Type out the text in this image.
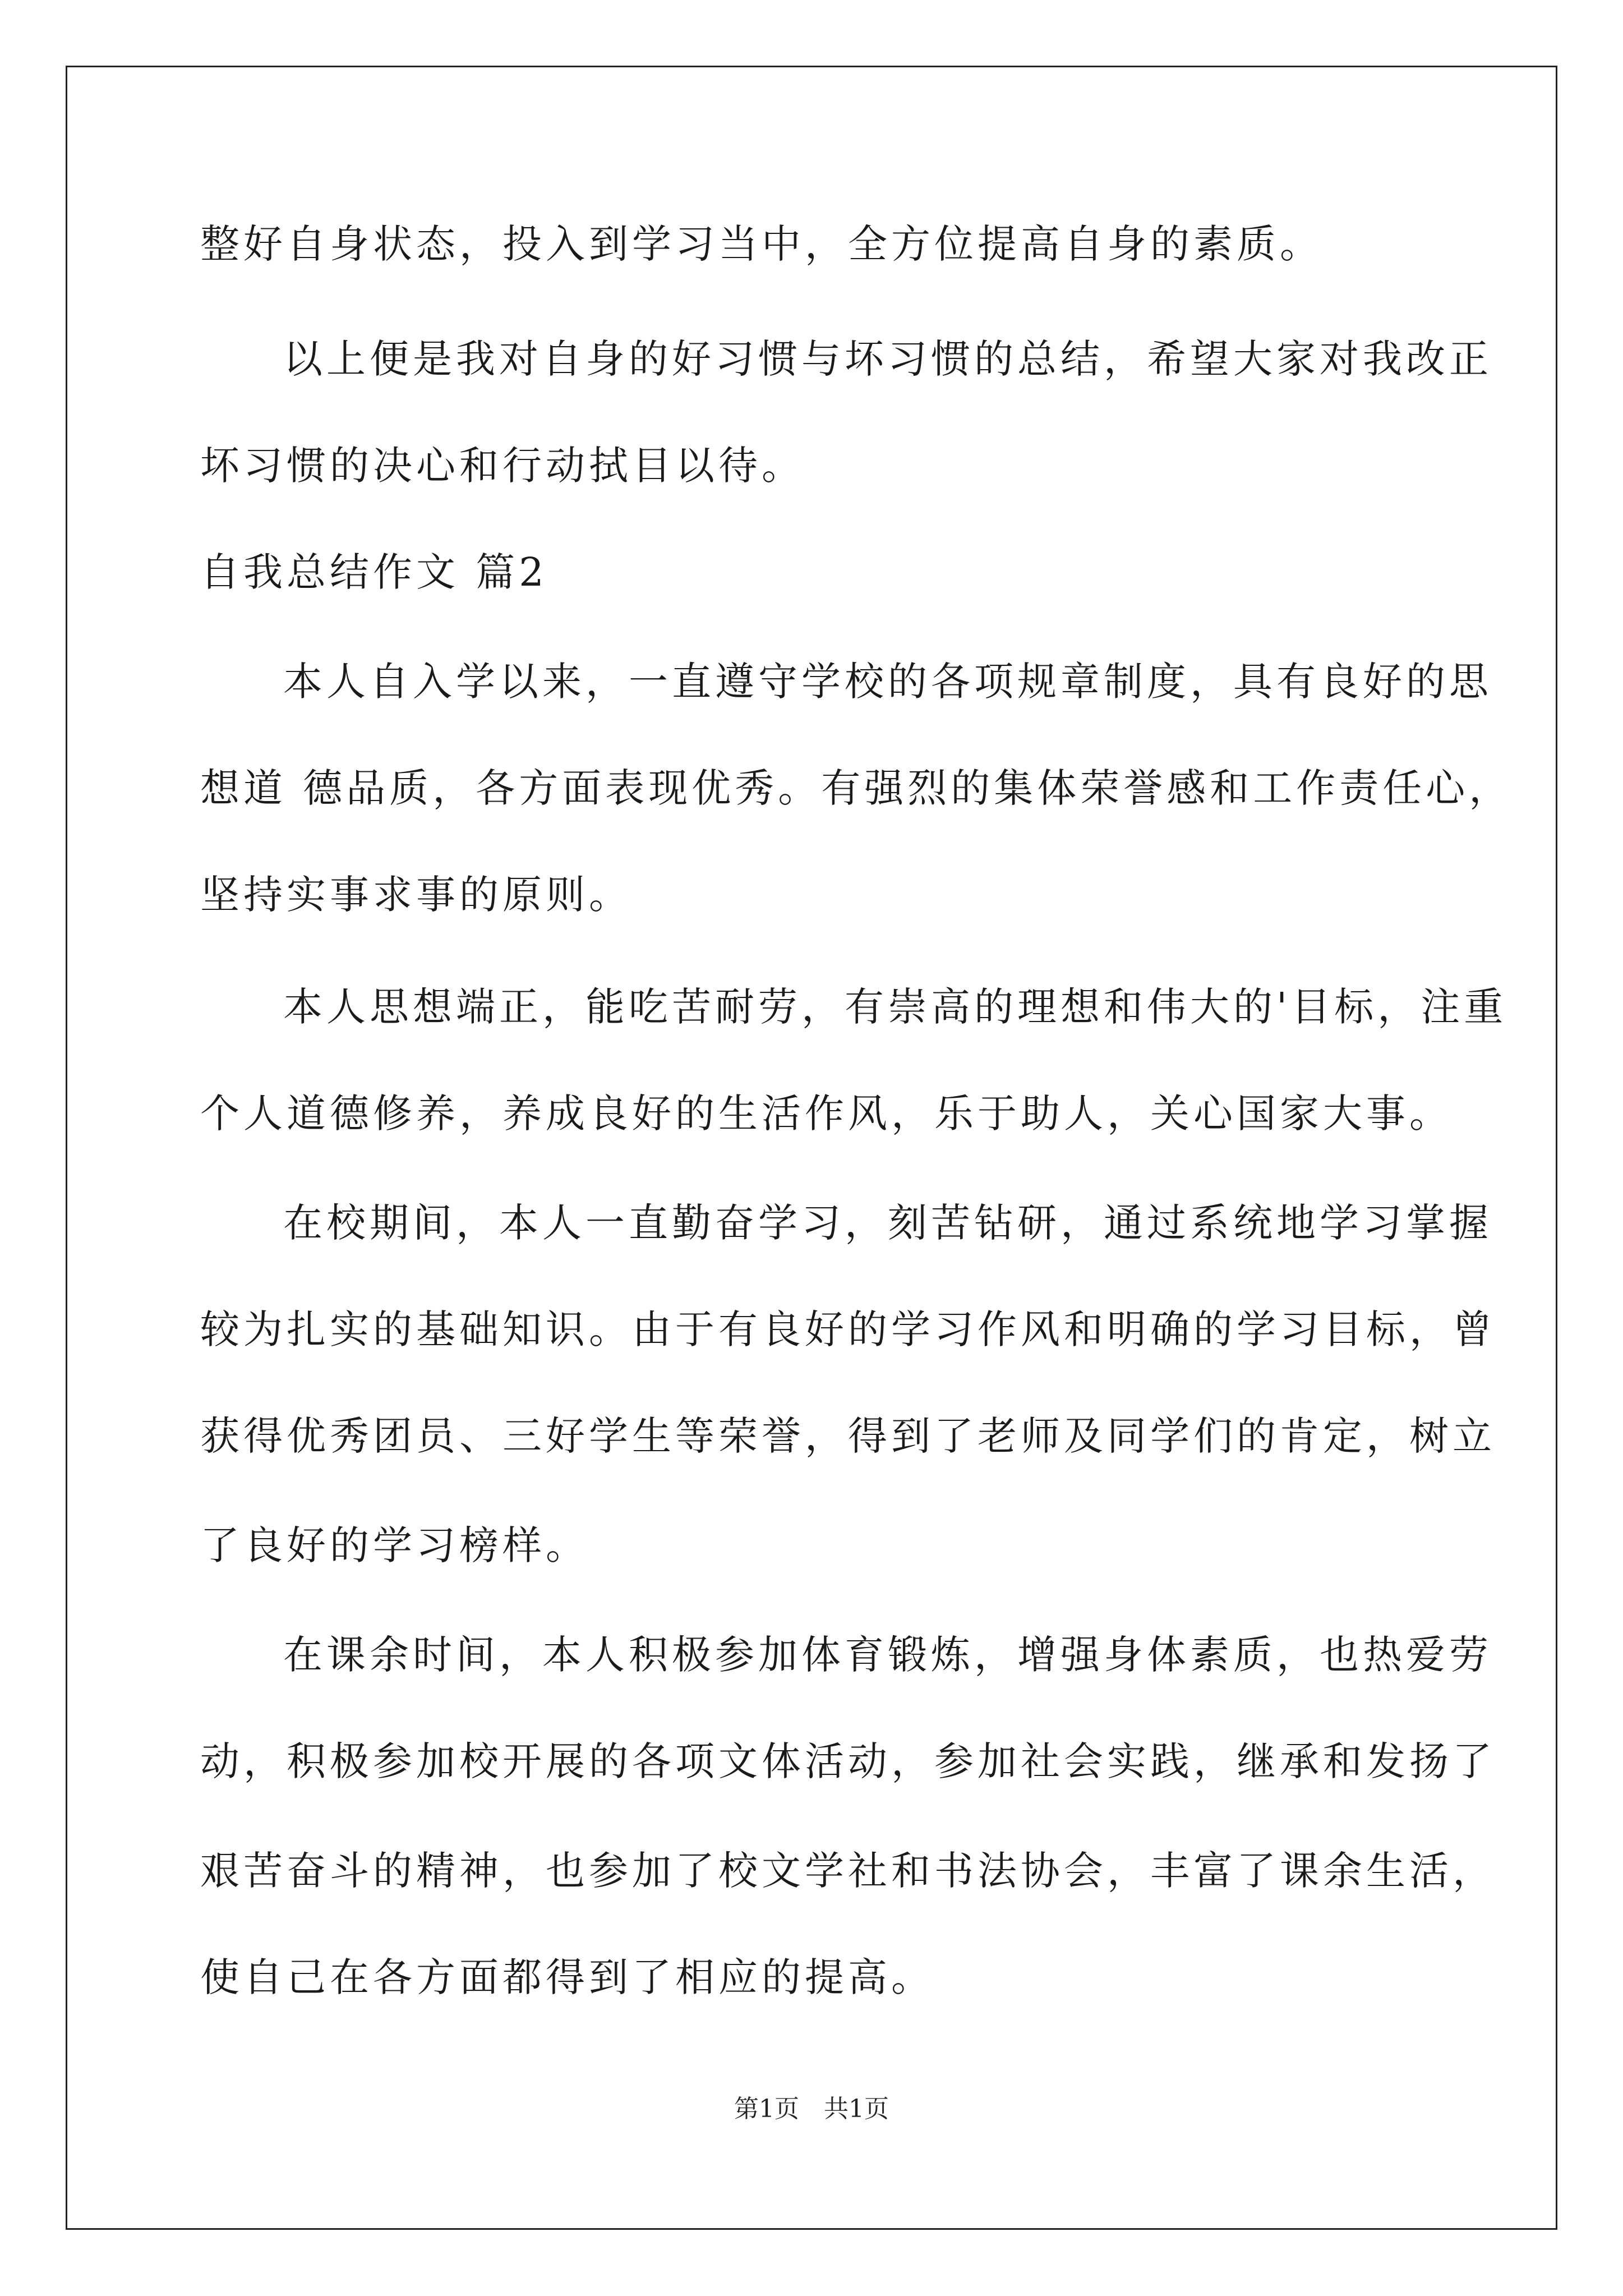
整好自身状态，投入到学习当中，全方位提高自身的素质。
以上便是我对自身的好习惯与坏习惯的总结，希望大家对我改正
坏习惯的决心和行动拭目以待。
自我总结作文 篇2
本人自入学以来，一直遵守学校的各项规章制度，具有良好的思
想道 德品质，各方面表现优秀。有强烈的集体荣誉感和工作责任心，
坚持实事求事的原则。
本人思想端正，能吃苦耐劳，有崇高的理想和伟大的'目标，注重
个人道德修养，养成良好的生活作风，乐于助人，关心国家大事。
在校期间，本人一直勤奋学习，刻苦钻研，通过系统地学习掌握
较为扎实的基础知识。由于有良好的学习作风和明确的学习目标，曾
获得优秀团员、三好学生等荣誉，得到了老师及同学们的肯定，树立
了良好的学习榜样。
在课余时间，本人积极参加体育锻炼，增强身体素质，也热爱劳
动，积极参加校开展的各项文体活动，参加社会实践，继承和发扬了
艰苦奋斗的精神，也参加了校文学社和书法协会，丰富了课余生活，
使自己在各方面都得到了相应的提高。
第1页　共1页
